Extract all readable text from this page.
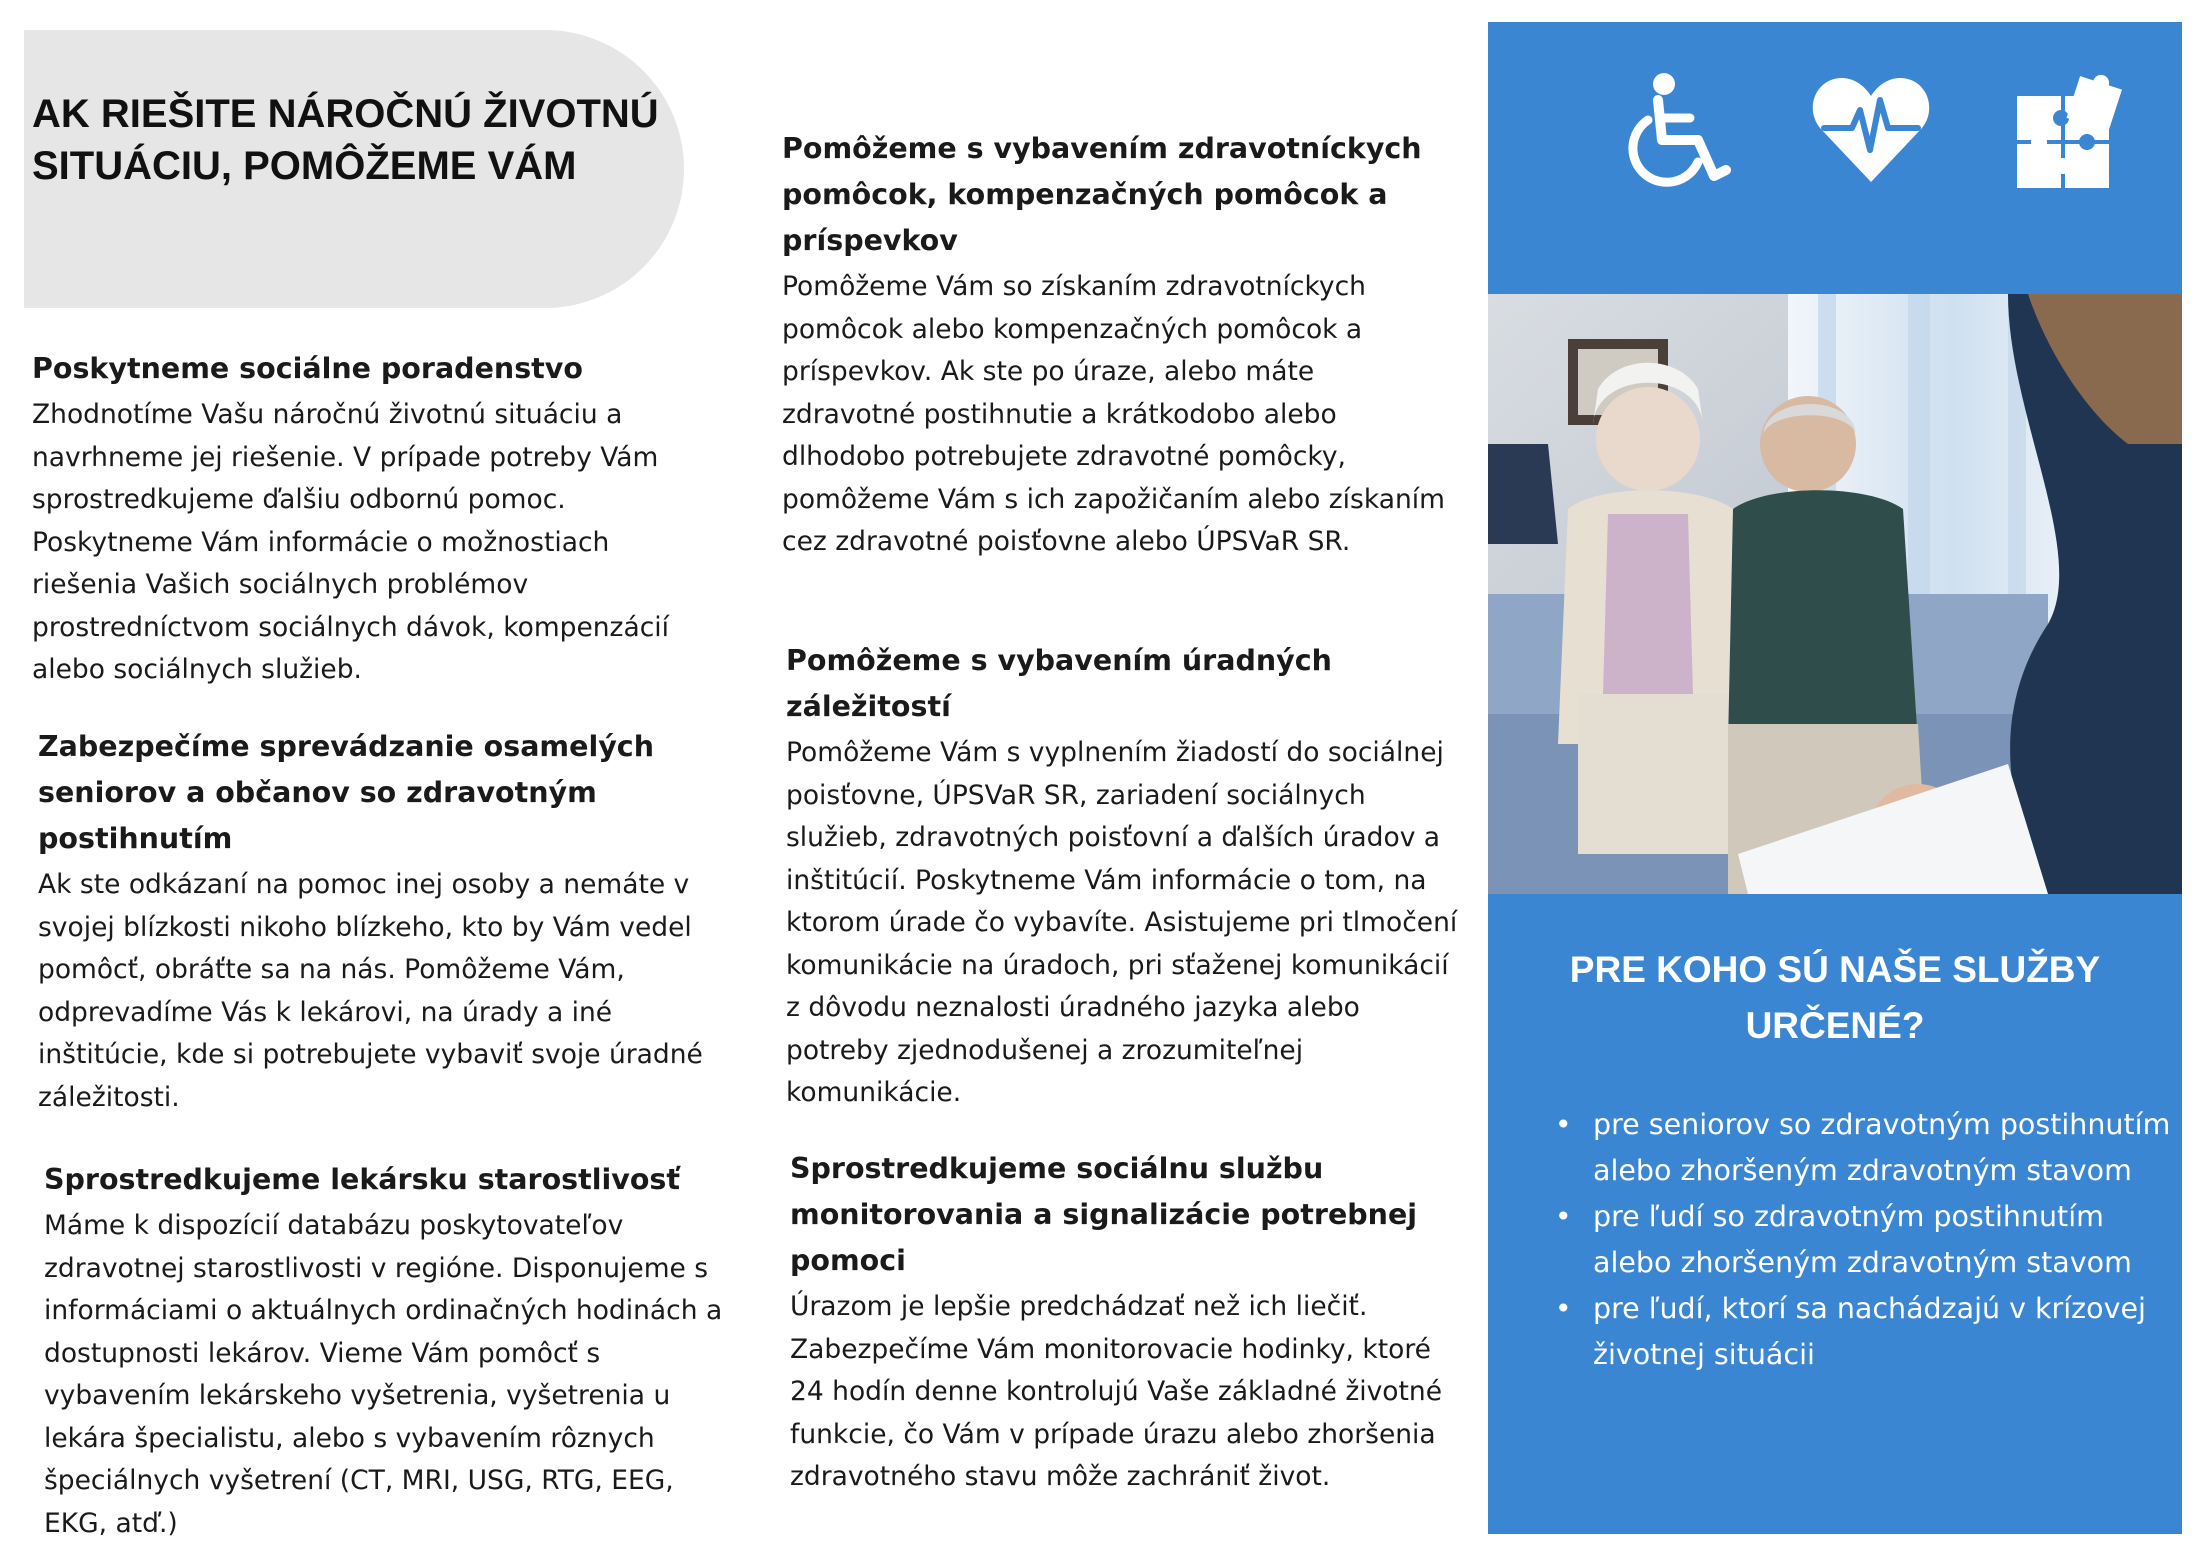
AK RIEŠITE NÁROČNÚ ŽIVOTNÚ SITUÁCIU, POMÔŽEME VÁM
Poskytneme sociálne poradenstvo

Zhodnotíme Vašu náročnú životnú situáciu a navrhneme jej riešenie. V prípade potreby Vám sprostredkujeme ďalšiu odbornú pomoc. Poskytneme Vám informácie o možnostiach riešenia Vašich sociálnych problémov prostredníctvom sociálnych dávok, kompenzácií alebo sociálnych služieb.

Zabezpečíme sprevádzanie osamelých seniorov a občanov so zdravotným postihnutím

Ak ste odkázaní na pomoc inej osoby a nemáte v svojej blízkosti nikoho blízkeho, kto by Vám vedel pomôcť, obráťte sa na nás. Pomôžeme Vám, odprevadíme Vás k lekárovi, na úrady a iné inštitúcie, kde si potrebujete vybaviť svoje úradné záležitosti.

Sprostredkujeme lekársku starostlivosť

Máme k dispozícií databázu poskytovateľov zdravotnej starostlivosti v regióne. Disponujeme s informáciami o aktuálnych ordinačných hodinách a dostupnosti lekárov. Vieme Vám pomôcť s vybavením lekárskeho vyšetrenia, vyšetrenia u lekára špecialistu, alebo s vybavením rôznych špeciálnych vyšetrení (CT, MRI, USG, RTG, EEG, EKG, atď.)

Pomôžeme s vybavením zdravotníckych pomôcok, kompenzačných pomôcok a príspevkov

Pomôžeme Vám so získaním zdravotníckych pomôcok alebo kompenzačných pomôcok a príspevkov. Ak ste po úraze, alebo máte zdravotné postihnutie a krátkodobo alebo dlhodobo potrebujete zdravotné pomôcky, pomôžeme Vám s ich zapožičaním alebo získaním cez zdravotné poisťovne alebo ÚPSVaR SR.

Pomôžeme s vybavením úradných záležitostí

Pomôžeme Vám s vyplnením žiadostí do sociálnej poisťovne, ÚPSVaR SR, zariadení sociálnych služieb, zdravotných poisťovní a ďalších úradov a inštitúcií. Poskytneme Vám informácie o tom, na ktorom úrade čo vybavíte. Asistujeme pri tlmočení komunikácie na úradoch, pri sťaženej komunikácií z dôvodu neznalosti úradného jazyka alebo potreby zjednodušenej a zrozumiteľnej komunikácie.

Sprostredkujeme sociálnu službu monitorovania a signalizácie potrebnej pomoci

Úrazom je lepšie predchádzať než ich liečiť. Zabezpečíme Vám monitorovacie hodinky, ktoré 24 hodín denne kontrolujú Vaše základné životné funkcie, čo Vám v prípade úrazu alebo zhoršenia zdravotného stavu môže zachrániť život.

PRE KOHO SÚ NAŠE SLUŽBY URČENÉ?
• pre seniorov so zdravotným postihnutím alebo zhoršeným zdravotným stavom
• pre ľudí so zdravotným postihnutím alebo zhoršeným zdravotným stavom
• pre ľudí, ktorí sa nachádzajú v krízovej životnej situácii
